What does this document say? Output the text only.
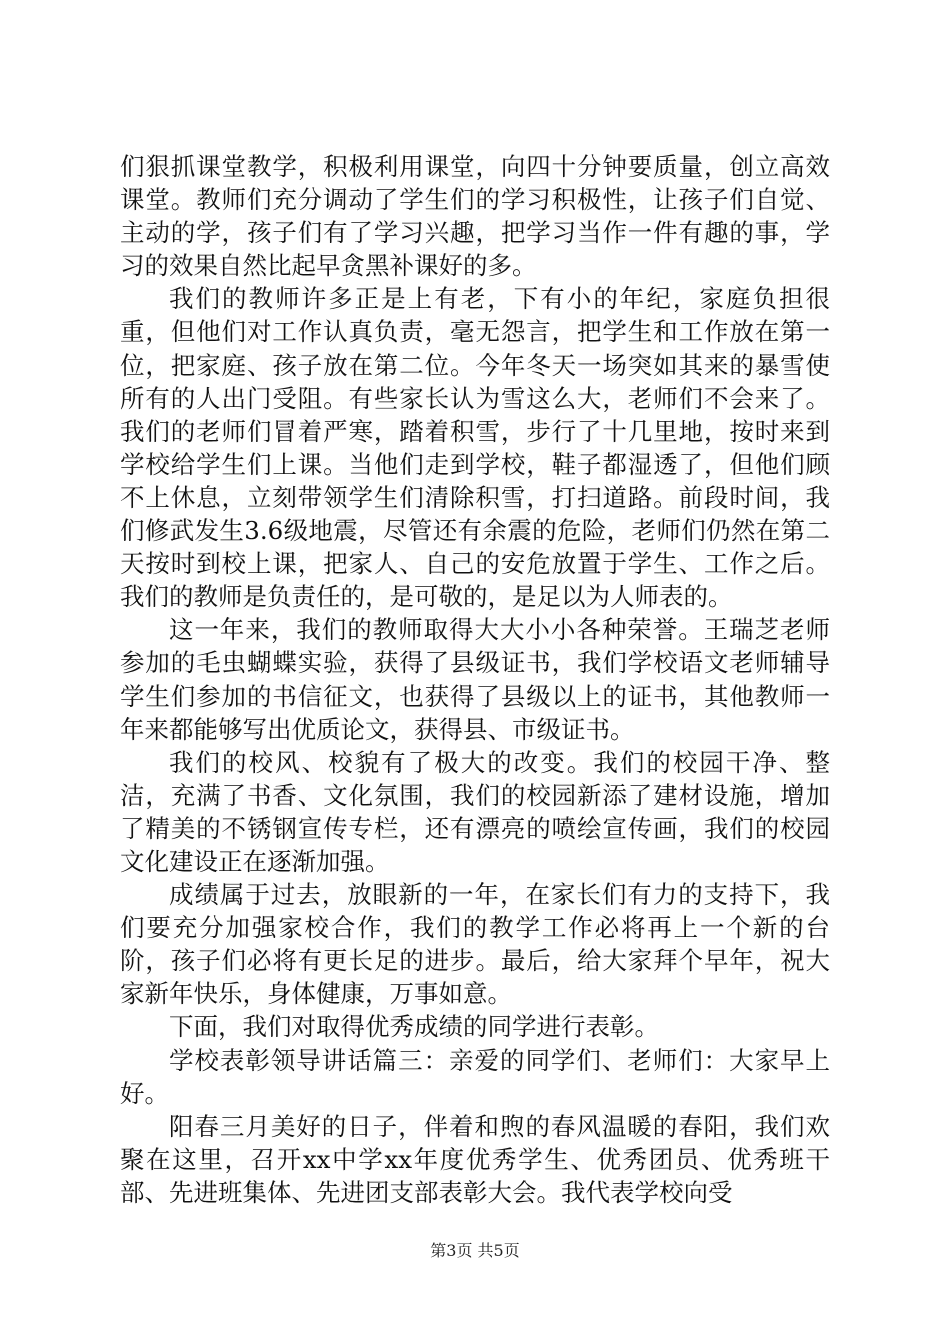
们狠抓课堂教学，积极利用课堂，向四十分钟要质量，创立高效课堂。教师们充分调动了学生们的学习积极性，让孩子们自觉、主动的学，孩子们有了学习兴趣，把学习当作一件有趣的事，学习的效果自然比起早贪黑补课好的多。

我们的教师许多正是上有老，下有小的年纪，家庭负担很重，但他们对工作认真负责，毫无怨言，把学生和工作放在第一位，把家庭、孩子放在第二位。今年冬天一场突如其来的暴雪使所有的人出门受阻。有些家长认为雪这么大，老师们不会来了。我们的老师们冒着严寒，踏着积雪，步行了十几里地，按时来到学校给学生们上课。当他们走到学校，鞋子都湿透了，但他们顾不上休息，立刻带领学生们清除积雪，打扫道路。前段时间，我们修武发生3.6级地震，尽管还有余震的危险，老师们仍然在第二天按时到校上课，把家人、自己的安危放置于学生、工作之后。我们的教师是负责任的，是可敬的，是足以为人师表的。

这一年来，我们的教师取得大大小小各种荣誉。王瑞芝老师参加的毛虫蝴蝶实验，获得了县级证书，我们学校语文老师辅导学生们参加的书信征文，也获得了县级以上的证书，其他教师一年来都能够写出优质论文，获得县、市级证书。

我们的校风、校貌有了极大的改变。我们的校园干净、整洁，充满了书香、文化氛围，我们的校园新添了建材设施，增加了精美的不锈钢宣传专栏，还有漂亮的喷绘宣传画，我们的校园文化建设正在逐渐加强。

成绩属于过去，放眼新的一年，在家长们有力的支持下，我们要充分加强家校合作，我们的教学工作必将再上一个新的台阶，孩子们必将有更长足的进步。最后，给大家拜个早年，祝大家新年快乐，身体健康，万事如意。

下面，我们对取得优秀成绩的同学进行表彰。

学校表彰领导讲话篇三：亲爱的同学们、老师们：大家早上好。

阳春三月美好的日子，伴着和煦的春风温暖的春阳，我们欢聚在这里，召开xx中学xx年度优秀学生、优秀团员、优秀班干部、先进班集体、先进团支部表彰大会。我代表学校向受

第3页 共5页
